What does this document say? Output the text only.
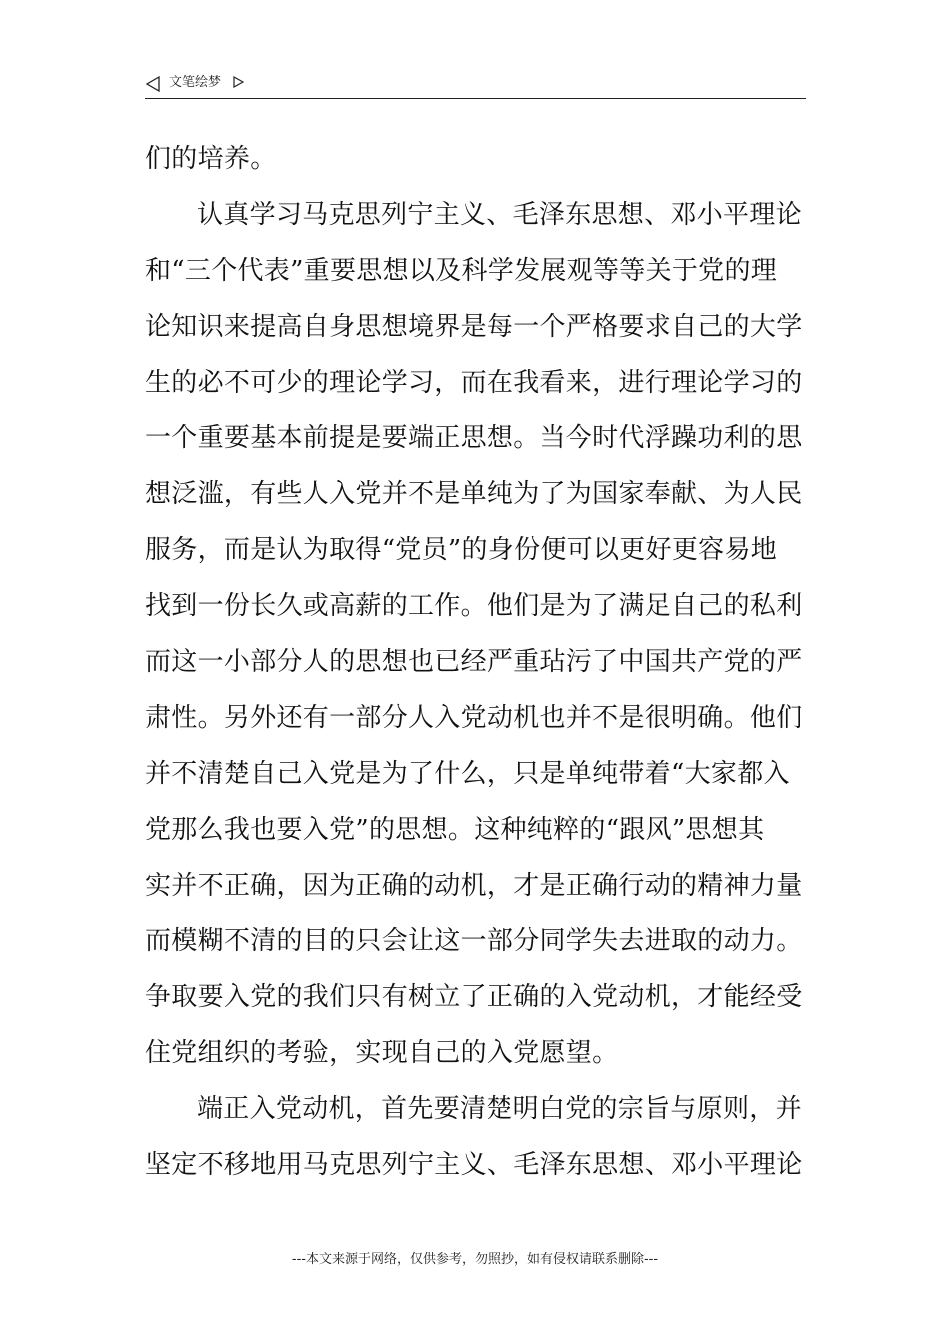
文笔绘梦
们的培养。
认真学习马克思列宁主义、毛泽东思想、邓小平理论
和“三个代表”重要思想以及科学发展观等等关于党的理
论知识来提高自身思想境界是每一个严格要求自己的大学
生的必不可少的理论学习，而在我看来，进行理论学习的
一个重要基本前提是要端正思想。当今时代浮躁功利的思
想泛滥，有些人入党并不是单纯为了为国家奉献、为人民
服务，而是认为取得“党员”的身份便可以更好更容易地
找到一份长久或高薪的工作。他们是为了满足自己的私利
而这一小部分人的思想也已经严重玷污了中国共产党的严
肃性。另外还有一部分人入党动机也并不是很明确。他们
并不清楚自己入党是为了什么，只是单纯带着“大家都入
党那么我也要入党”的思想。这种纯粹的“跟风”思想其
实并不正确，因为正确的动机，才是正确行动的精神力量
而模糊不清的目的只会让这一部分同学失去进取的动力。
争取要入党的我们只有树立了正确的入党动机，才能经受
住党组织的考验，实现自己的入党愿望。
端正入党动机，首先要清楚明白党的宗旨与原则，并
坚定不移地用马克思列宁主义、毛泽东思想、邓小平理论
---本文来源于网络，仅供参考，勿照抄，如有侵权请联系删除---
